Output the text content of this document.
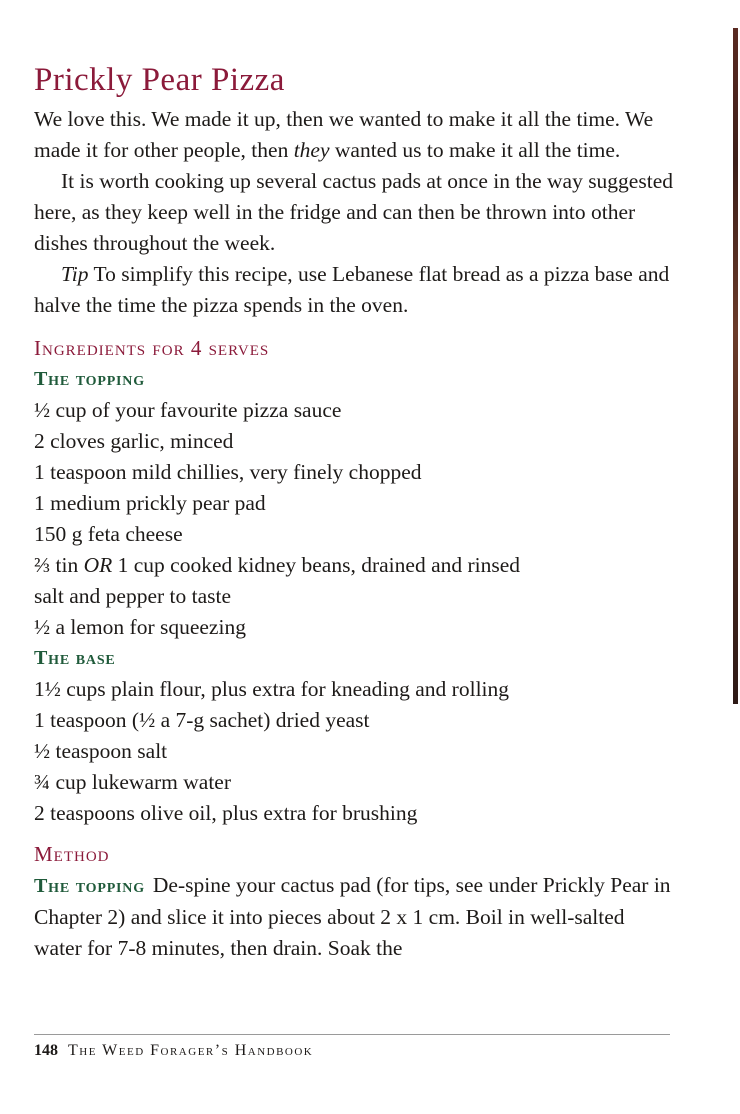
Prickly Pear Pizza

We love this. We made it up, then we wanted to make it all the time. We made it for other people, then they wanted us to make it all the time.

It is worth cooking up several cactus pads at once in the way suggested here, as they keep well in the fridge and can then be thrown into other dishes throughout the week.

Tip To simplify this recipe, use Lebanese flat bread as a pizza base and halve the time the pizza spends in the oven.

Ingredients for 4 serves
The topping
½ cup of your favourite pizza sauce
2 cloves garlic, minced
1 teaspoon mild chillies, very finely chopped
1 medium prickly pear pad
150 g feta cheese
⅔ tin OR 1 cup cooked kidney beans, drained and rinsed
salt and pepper to taste
½ a lemon for squeezing
The base
1½ cups plain flour, plus extra for kneading and rolling
1 teaspoon (½ a 7-g sachet) dried yeast
½ teaspoon salt
¾ cup lukewarm water
2 teaspoons olive oil, plus extra for brushing
Method

The topping De-spine your cactus pad (for tips, see under Prickly Pear in Chapter 2) and slice it into pieces about 2 x 1 cm. Boil in well-salted water for 7-8 minutes, then drain. Soak the

148 The Weed Forager’s Handbook
